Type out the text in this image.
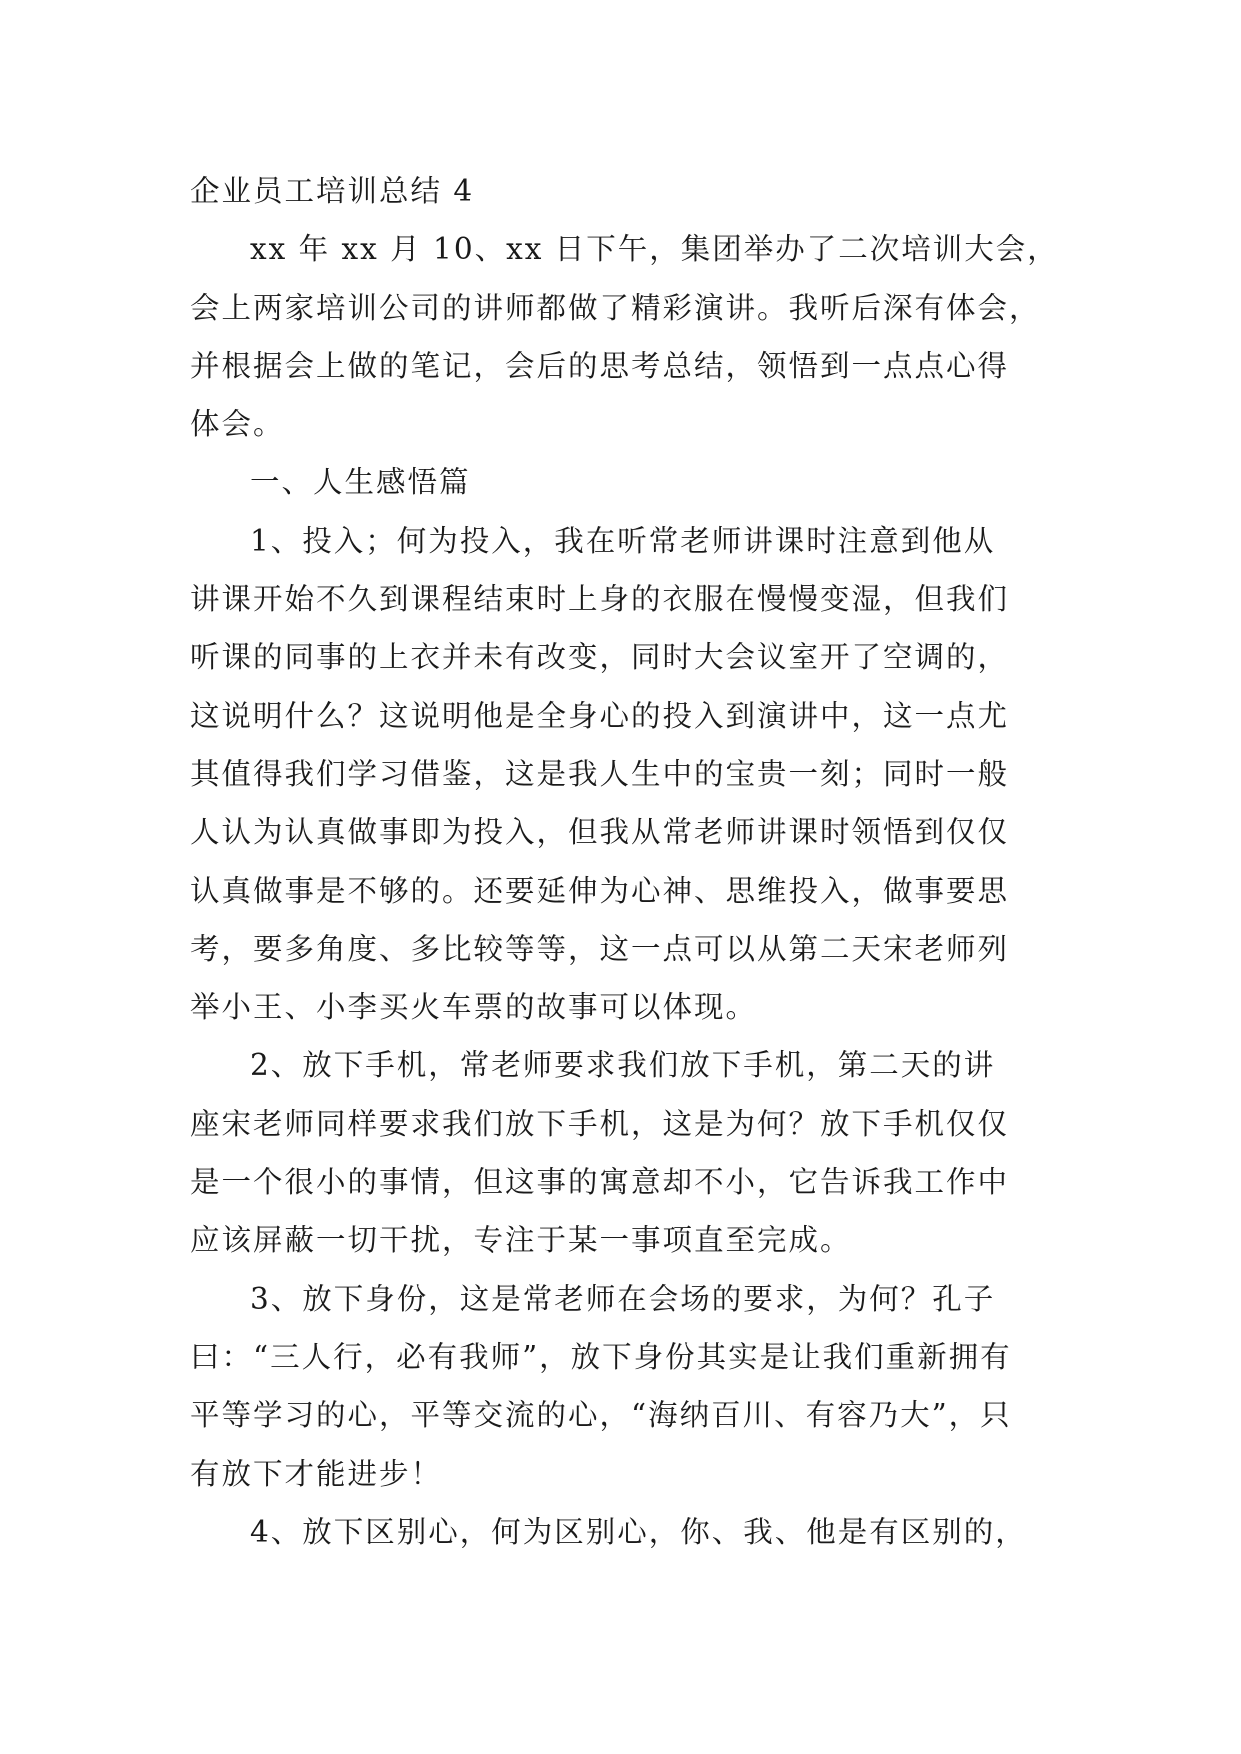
企业员工培训总结 4
xx 年 xx 月 10、xx 日下午，集团举办了二次培训大会，
会上两家培训公司的讲师都做了精彩演讲。我听后深有体会，
并根据会上做的笔记，会后的思考总结，领悟到一点点心得
体会。
一、人生感悟篇
1、投入；何为投入，我在听常老师讲课时注意到他从
讲课开始不久到课程结束时上身的衣服在慢慢变湿，但我们
听课的同事的上衣并未有改变，同时大会议室开了空调的，
这说明什么？这说明他是全身心的投入到演讲中，这一点尤
其值得我们学习借鉴，这是我人生中的宝贵一刻；同时一般
人认为认真做事即为投入，但我从常老师讲课时领悟到仅仅
认真做事是不够的。还要延伸为心神、思维投入，做事要思
考，要多角度、多比较等等，这一点可以从第二天宋老师列
举小王、小李买火车票的故事可以体现。
2、放下手机，常老师要求我们放下手机，第二天的讲
座宋老师同样要求我们放下手机，这是为何？放下手机仅仅
是一个很小的事情，但这事的寓意却不小，它告诉我工作中
应该屏蔽一切干扰，专注于某一事项直至完成。
3、放下身份，这是常老师在会场的要求，为何？孔子
曰：“三人行，必有我师”，放下身份其实是让我们重新拥有
平等学习的心，平等交流的心，“海纳百川、有容乃大”，只
有放下才能进步！
4、放下区别心，何为区别心，你、我、他是有区别的，
